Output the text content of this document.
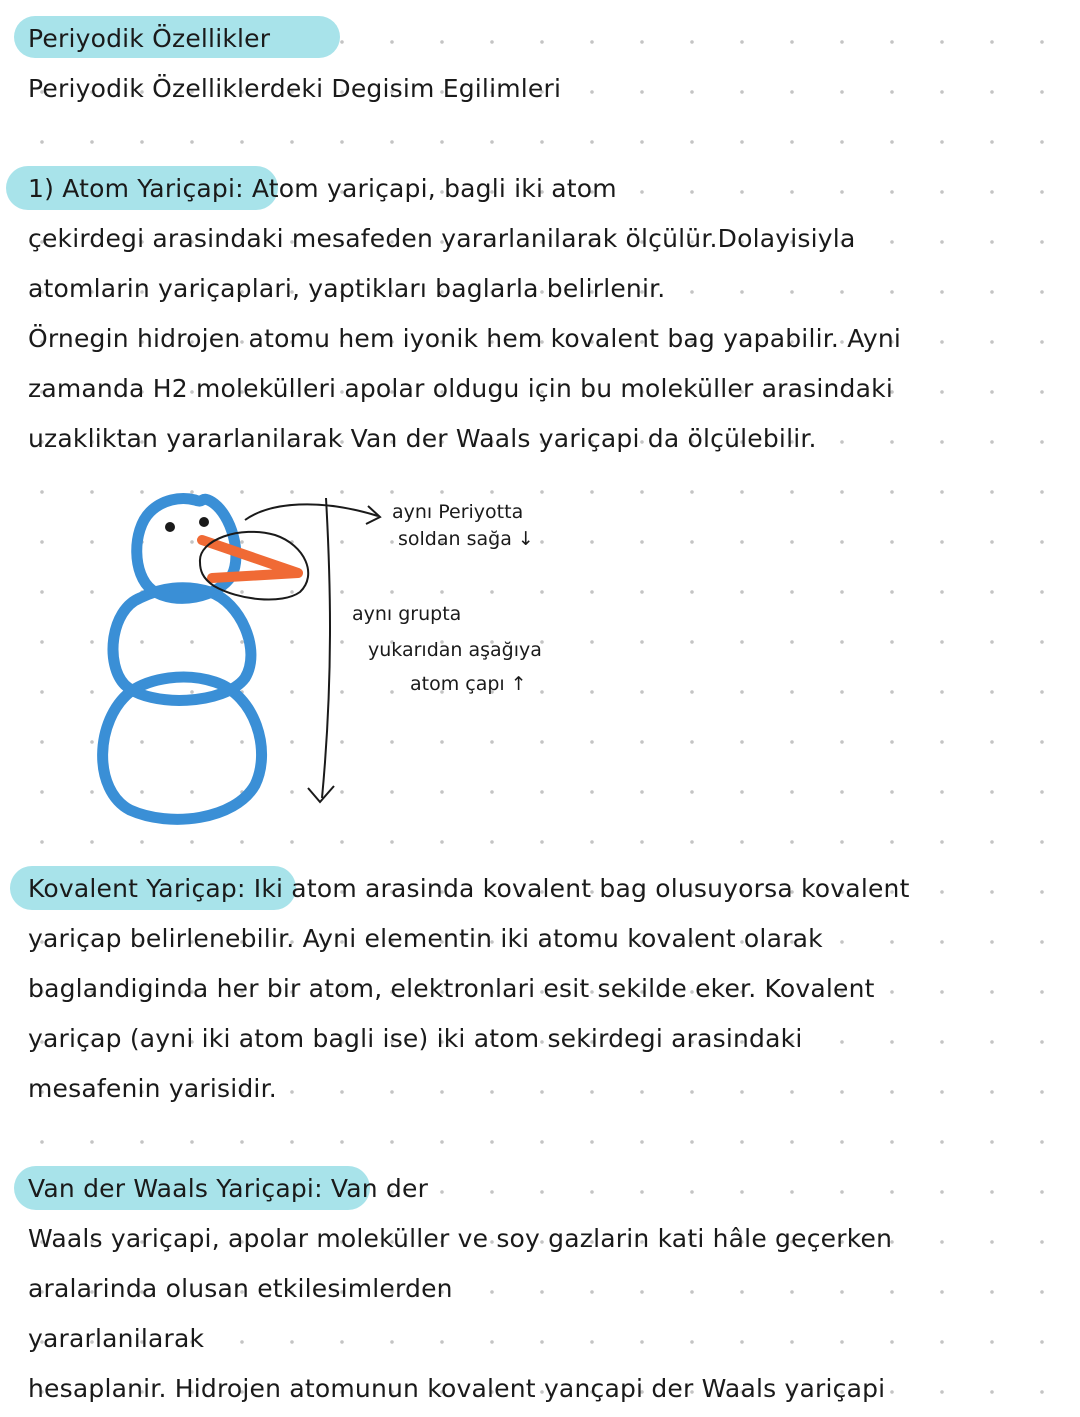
Periyodik Özellikler
Periyodik Özelliklerdeki Degisim Egilimleri
1) Atom Yariçapi: Atom yariçapi, bagli iki atom
çekirdegi arasindaki mesafeden yararlanilarak ölçülür.Dolayisiyla
atomlarin yariçaplari, yaptikları baglarla belirlenir.
Örnegin hidrojen atomu hem iyonik hem kovalent bag yapabilir. Ayni
zamanda H2 molekülleri apolar oldugu için bu moleküller arasindaki
uzakliktan yararlanilarak Van der Waals yariçapi da ölçülebilir.
aynı Periyotta
soldan sağa ↓
aynı grupta
yukarıdan aşağıya
atom çapı ↑
Kovalent Yariçap: Iki atom arasinda kovalent bag olusuyorsa kovalent
yariçap belirlenebilir. Ayni elementin iki atomu kovalent olarak
baglandiginda her bir atom, elektronlari esit sekilde eker. Kovalent
yariçap (ayni iki atom bagli ise) iki atom sekirdegi arasindaki
mesafenin yarisidir.
Van der Waals Yariçapi: Van der
Waals yariçapi, apolar moleküller ve soy gazlarin kati hâle geçerken
aralarinda olusan etkilesimlerden
yararlanilarak
hesaplanir. Hidrojen atomunun kovalent yançapi der Waals yariçapi
